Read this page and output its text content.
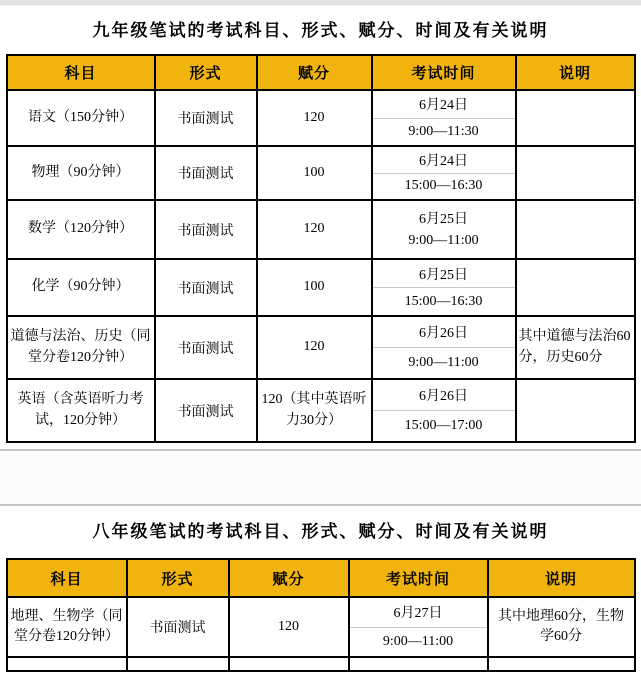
九年级笔试的考试科目、形式、赋分、时间及有关说明
科目	形式	赋分	考试时间	说明
语文（150分钟）	书面测试	120	6月24日
9:00—11:30	

物理（90分钟）	书面测试	100	6月24日
15:00—16:30	

数学（120分钟）	书面测试	120	6月25日
9:00—11:00	

化学（90分钟）	书面测试	100	6月25日
15:00—16:30	

道德与法治、历史（同堂分卷120分钟）	书面测试	120	6月26日
9:00—11:00	其中道德与法治60分，历史60分
英语（含英语听力考试，120分钟）	书面测试	120（其中英语听力30分）	6月26日
15:00—17:00	

八年级笔试的考试科目、形式、赋分、时间及有关说明
科目	形式	赋分	考试时间	说明
地理、生物学（同堂分卷120分钟）	书面测试	120	6月27日
9:00—11:00	其中地理60分，生物学60分
